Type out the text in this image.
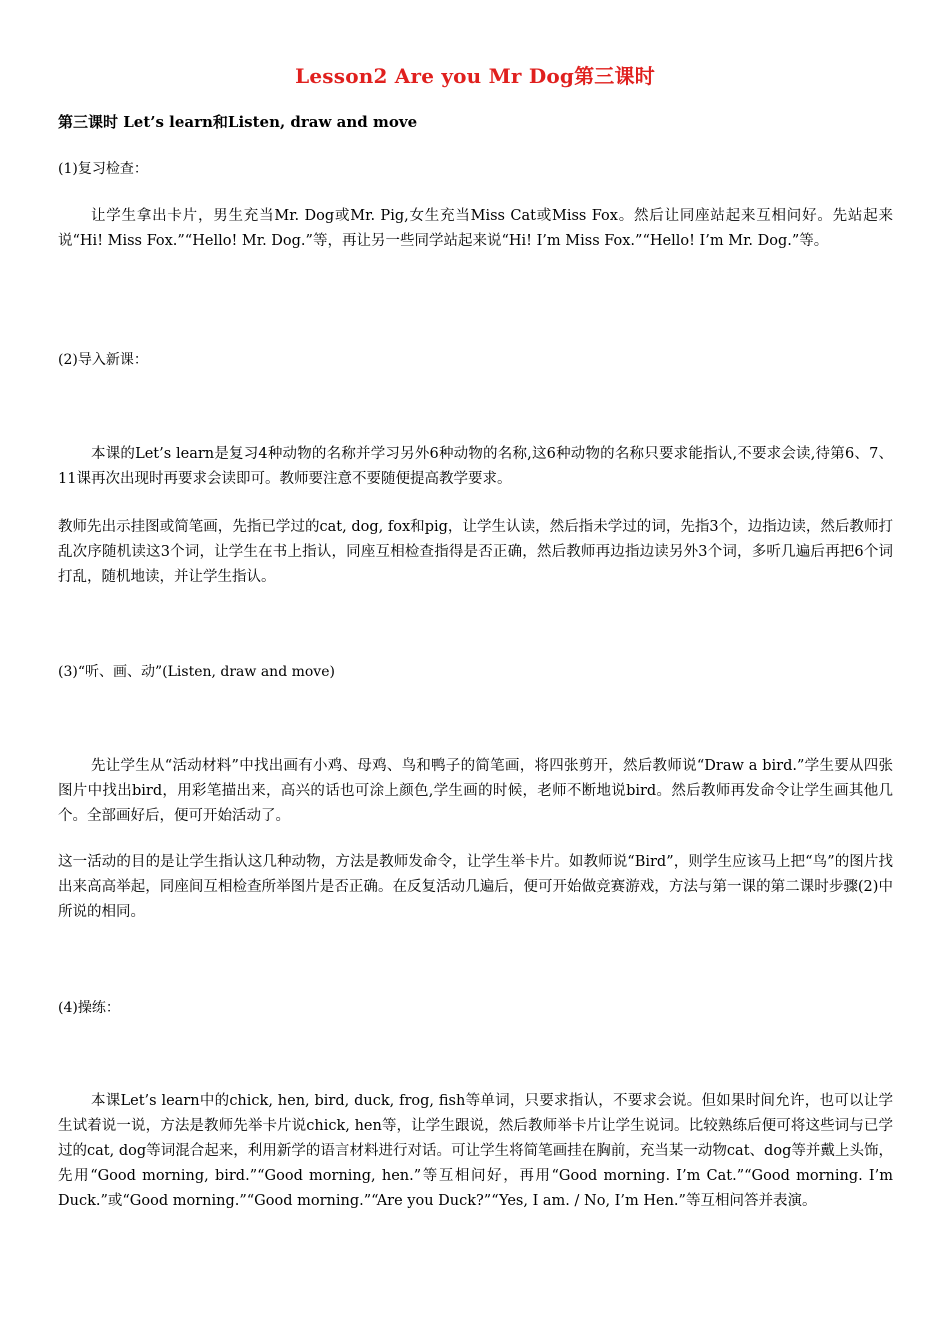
Lesson2 Are you Mr Dog第三课时
第三课时 Let’s learn和Listen, draw and move
(1)复习检查：
让学生拿出卡片，男生充当Mr. Dog或Mr. Pig,女生充当Miss Cat或Miss Fox。然后让同座站起来互相问好。先站起来说“Hi! Miss Fox.”“Hello! Mr. Dog.”等，再让另一些同学站起来说“Hi! I’m Miss Fox.”“Hello! I’m Mr. Dog.”等。
(2)导入新课：
本课的Let’s learn是复习4种动物的名称并学习另外6种动物的名称,这6种动物的名称只要求能指认,不要求会读,待第6、7、11课再次出现时再要求会读即可。教师要注意不要随便提高教学要求。
教师先出示挂图或简笔画，先指已学过的cat, dog, fox和pig，让学生认读，然后指未学过的词，先指3个，边指边读，然后教师打乱次序随机读这3个词，让学生在书上指认，同座互相检查指得是否正确，然后教师再边指边读另外3个词，多听几遍后再把6个词打乱，随机地读，并让学生指认。
(3)“听、画、动”(Listen, draw and move)
先让学生从“活动材料”中找出画有小鸡、母鸡、鸟和鸭子的简笔画，将四张剪开，然后教师说“Draw a bird.”学生要从四张图片中找出bird，用彩笔描出来，高兴的话也可涂上颜色,学生画的时候，老师不断地说bird。然后教师再发命令让学生画其他几个。全部画好后，便可开始活动了。
这一活动的目的是让学生指认这几种动物，方法是教师发命令，让学生举卡片。如教师说“Bird”，则学生应该马上把“鸟”的图片找出来高高举起，同座间互相检查所举图片是否正确。在反复活动几遍后，便可开始做竞赛游戏，方法与第一课的第二课时步骤(2)中所说的相同。
(4)操练：
本课Let’s learn中的chick, hen, bird, duck, frog, fish等单词，只要求指认，不要求会说。但如果时间允许，也可以让学生试着说一说，方法是教师先举卡片说chick, hen等，让学生跟说，然后教师举卡片让学生说词。比较熟练后便可将这些词与已学过的cat, dog等词混合起来，利用新学的语言材料进行对话。可让学生将简笔画挂在胸前，充当某一动物cat、dog等并戴上头饰，先用“Good morning, bird.”“Good morning, hen.”等互相问好，再用“Good morning. I’m Cat.”“Good morning. I’m Duck.”或“Good morning.”“Good morning.”“Are you Duck?”“Yes, I am. / No, I’m Hen.”等互相问答并表演。
